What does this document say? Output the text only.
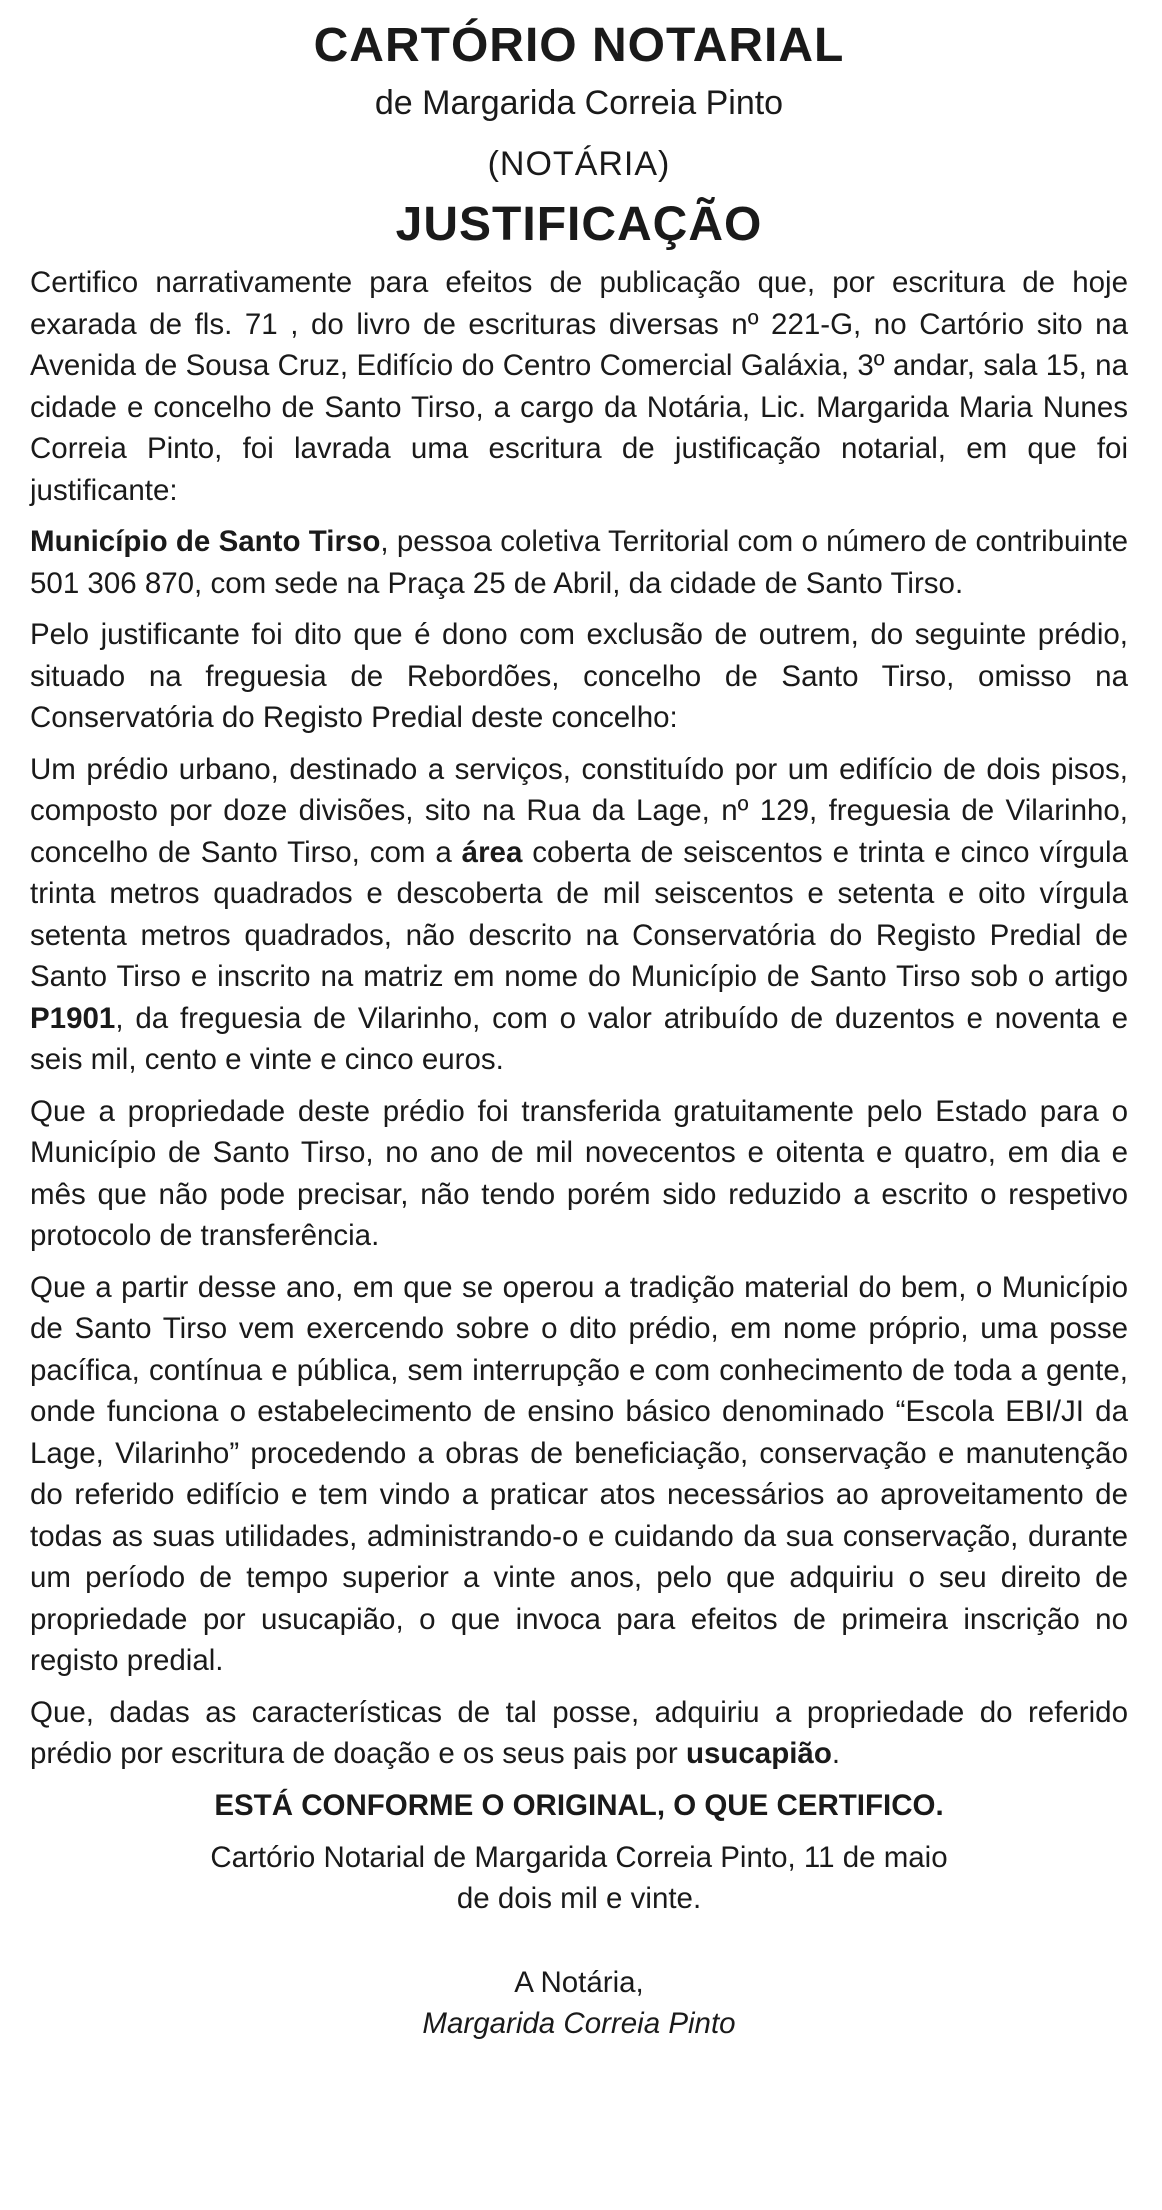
CARTÓRIO NOTARIAL
de Margarida Correia Pinto
(NOTÁRIA)
JUSTIFICAÇÃO

Certifico narrativamente para efeitos de publicação que, por escritura de hoje exarada de fls. 71 , do livro de escrituras diversas nº 221-G, no Cartório sito na Avenida de Sousa Cruz, Edifício do Centro Comercial Galáxia, 3º andar, sala 15, na cidade e concelho de Santo Tirso, a cargo da Notária, Lic. Margarida Maria Nunes Correia Pinto, foi lavrada uma escritura de justificação notarial, em que foi justificante:

Município de Santo Tirso, pessoa coletiva Territorial com o número de contribuinte 501 306 870, com sede na Praça 25 de Abril, da cidade de Santo Tirso.

Pelo justificante foi dito que é dono com exclusão de outrem, do seguinte prédio, situado na freguesia de Rebordões, concelho de Santo Tirso, omisso na Conservatória do Registo Predial deste concelho:

Um prédio urbano, destinado a serviços, constituído por um edifício de dois pisos, composto por doze divisões, sito na Rua da Lage, nº 129, freguesia de Vilarinho, concelho de Santo Tirso, com a área coberta de seiscentos e trinta e cinco vírgula trinta metros quadrados e descoberta de mil seiscentos e setenta e oito vírgula setenta metros quadrados, não descrito na Conservatória do Registo Predial de Santo Tirso e inscrito na matriz em nome do Município de Santo Tirso sob o artigo P1901, da freguesia de Vilarinho, com o valor atribuído de duzentos e noventa e seis mil, cento e vinte e cinco euros.

Que a propriedade deste prédio foi transferida gratuitamente pelo Estado para o Município de Santo Tirso, no ano de mil novecentos e oitenta e quatro, em dia e mês que não pode precisar, não tendo porém sido reduzido a escrito o respetivo protocolo de transferência.

Que a partir desse ano, em que se operou a tradição material do bem, o Município de Santo Tirso vem exercendo sobre o dito prédio, em nome próprio, uma posse pacífica, contínua e pública, sem interrupção e com conhecimento de toda a gente, onde funciona o estabelecimento de ensino básico denominado “Escola EBI/JI da Lage, Vilarinho” procedendo a obras de beneficiação, conservação e manutenção do referido edifício e tem vindo a praticar atos necessários ao aproveitamento de todas as suas utilidades, administrando-o e cuidando da sua conservação, durante um período de tempo superior a vinte anos, pelo que adquiriu o seu direito de propriedade por usucapião, o que invoca para efeitos de primeira inscrição no registo predial.

Que, dadas as características de tal posse, adquiriu a propriedade do referido prédio por escritura de doação e os seus pais por usucapião.

ESTÁ CONFORME O ORIGINAL, O QUE CERTIFICO.
Cartório Notarial de Margarida Correia Pinto, 11 de maio
de dois mil e vinte.
A Notária,
Margarida Correia Pinto
